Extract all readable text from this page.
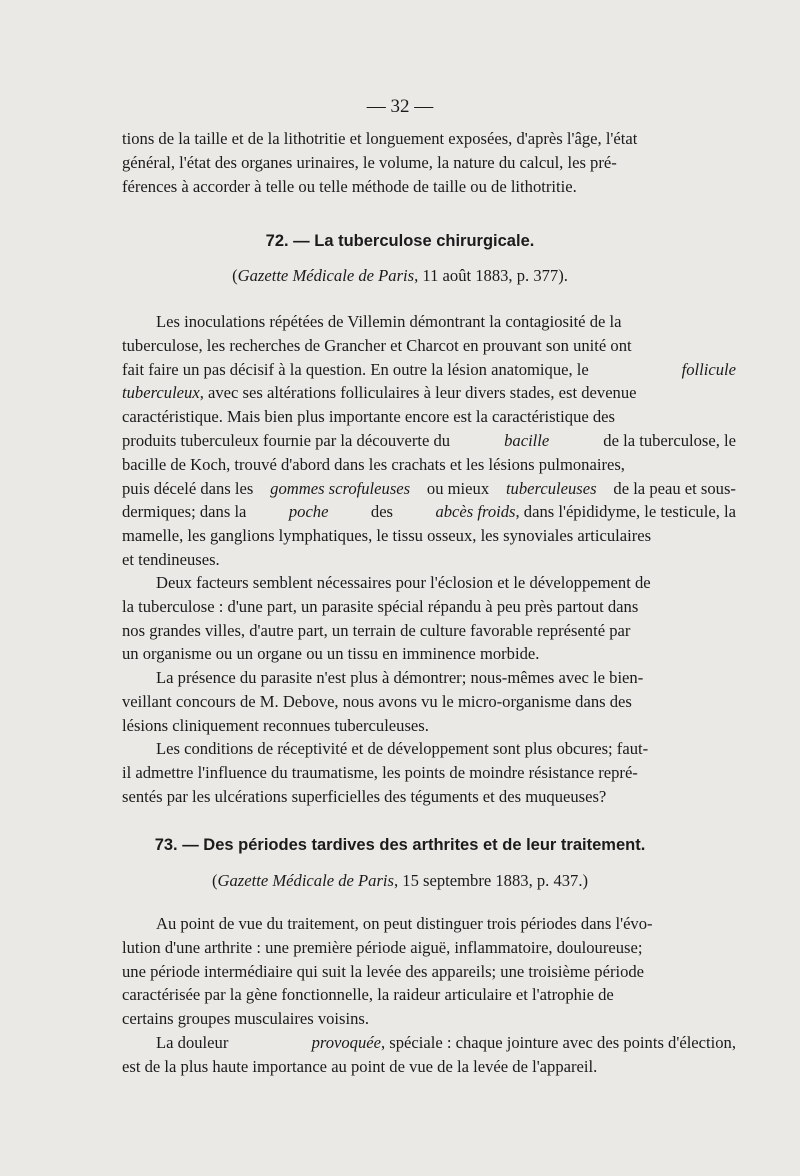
— 32 —
tions de la taille et de la lithotritie et longuement exposées, d'après l'âge, l'état
général, l'état des organes urinaires, le volume, la nature du calcul, les pré-
férences à accorder à telle ou telle méthode de taille ou de lithotritie.
72. — La tuberculose chirurgicale.
(Gazette Médicale de Paris, 11 août 1883, p. 377).
Les inoculations répétées de Villemin démontrant la contagiosité de la
tuberculose, les recherches de Grancher et Charcot en prouvant son unité ont
fait faire un pas décisif à la question. En outre la lésion anatomique, le	follicule
tuberculeux, avec ses altérations folliculaires à leur divers stades, est devenue
caractéristique. Mais bien plus importante encore est la caractéristique des
produits tuberculeux fournie par la découverte du	bacille	de la tuberculose, le
bacille de Koch, trouvé d'abord dans les crachats et les lésions pulmonaires,
puis décelé dans les gommes scrofuleuses ou mieux tuberculeuses de la peau et sous-
dermiques; dans la	poche	des	abcès froids, dans l'épididyme, le testicule, la
mamelle, les ganglions lymphatiques, le tissu osseux, les synoviales articulaires
et tendineuses.
Deux facteurs semblent nécessaires pour l'éclosion et le développement de
la tuberculose : d'une part, un parasite spécial répandu à peu près partout dans
nos grandes villes, d'autre part, un terrain de culture favorable représenté par
un organisme ou un organe ou un tissu en imminence morbide.
La présence du parasite n'est plus à démontrer; nous-mêmes avec le bien-
veillant concours de M. Debove, nous avons vu le micro-organisme dans des
lésions cliniquement reconnues tuberculeuses.
Les conditions de réceptivité et de développement sont plus obcures; faut-
il admettre l'influence du traumatisme, les points de moindre résistance repré-
sentés par les ulcérations superficielles des téguments et des muqueuses?
73. — Des périodes tardives des arthrites et de leur traitement.
(Gazette Médicale de Paris, 15 septembre 1883, p. 437.)
Au point de vue du traitement, on peut distinguer trois périodes dans l'évo-
lution d'une arthrite : une première période aiguë, inflammatoire, douloureuse;
une période intermédiaire qui suit la levée des appareils; une troisième période
caractérisée par la gène fonctionnelle, la raideur articulaire et l'atrophie de
certains groupes musculaires voisins.
La douleur	provoquée, spéciale : chaque jointure avec des points d'élection,
est de la plus haute importance au point de vue de la levée de l'appareil.
